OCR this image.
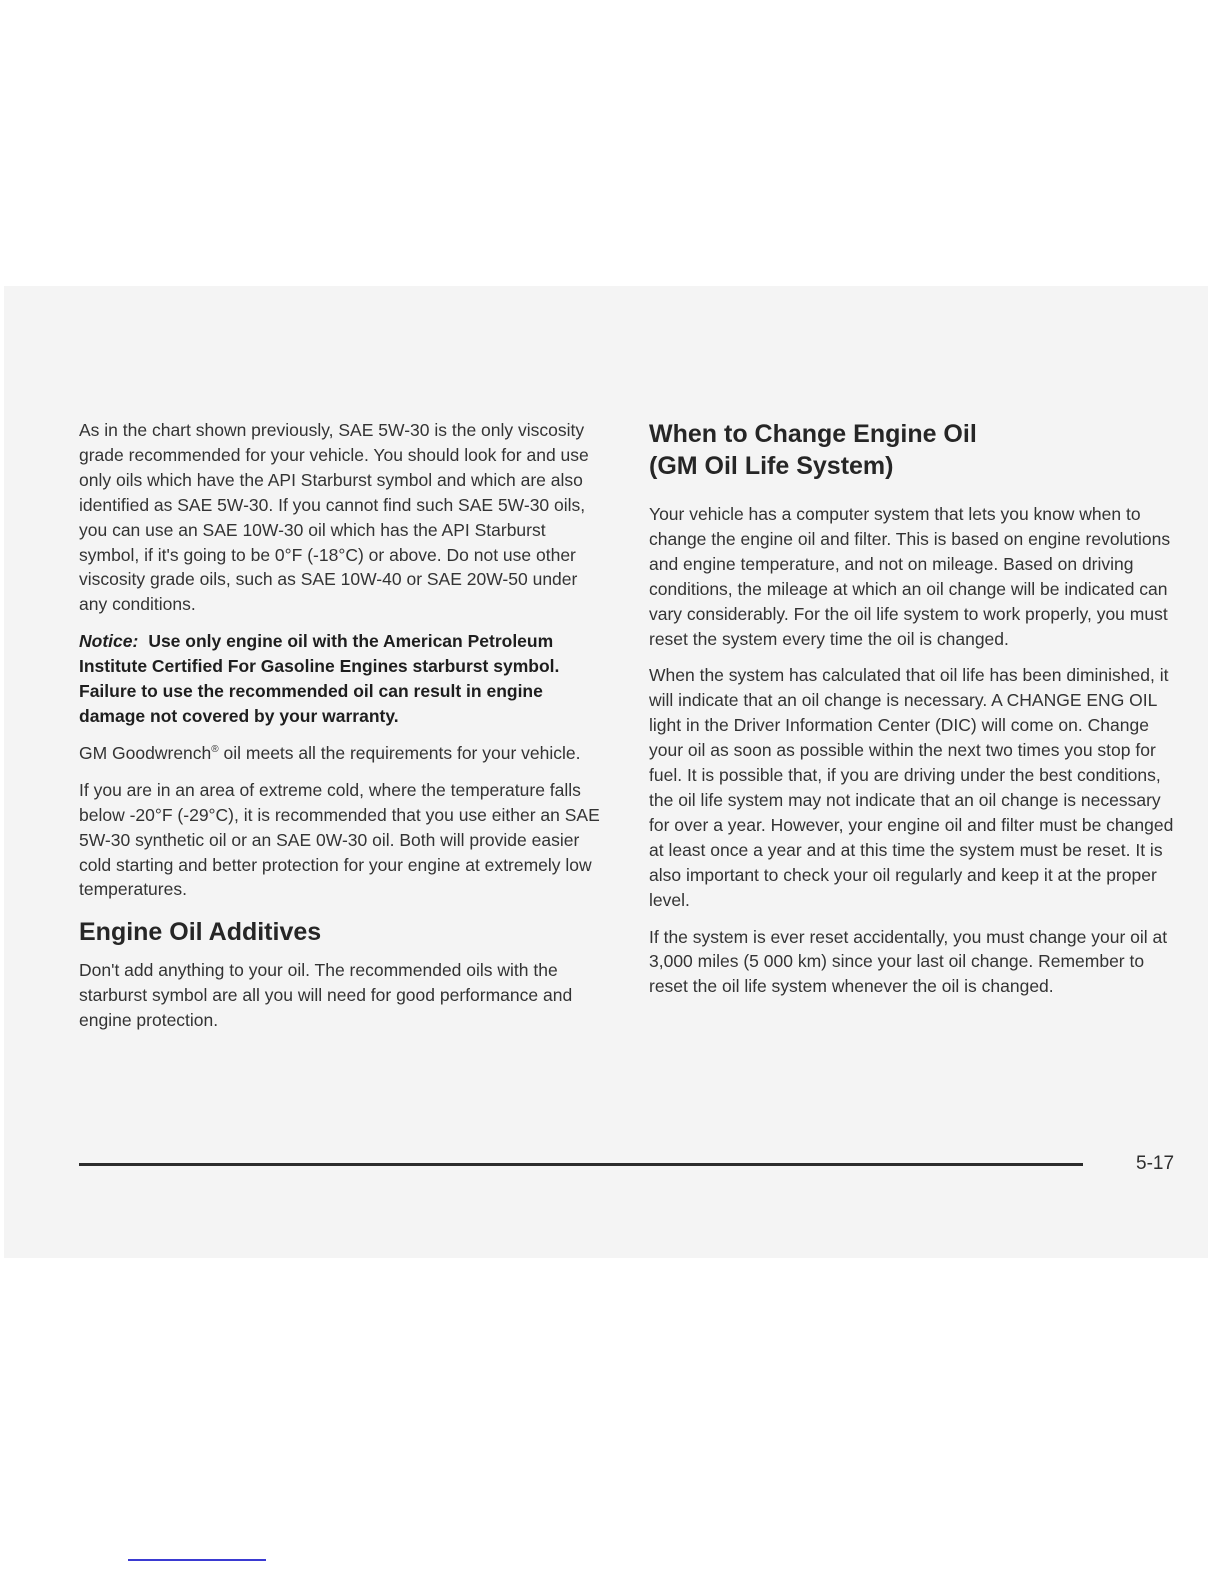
As in the chart shown previously, SAE 5W-30 is the only viscosity grade recommended for your vehicle. You should look for and use only oils which have the API Starburst symbol and which are also identified as SAE 5W-30. If you cannot find such SAE 5W-30 oils, you can use an SAE 10W-30 oil which has the API Starburst symbol, if it's going to be 0°F (-18°C) or above. Do not use other viscosity grade oils, such as SAE 10W-40 or SAE 20W-50 under any conditions.

Notice: Use only engine oil with the American Petroleum Institute Certified For Gasoline Engines starburst symbol. Failure to use the recommended oil can result in engine damage not covered by your warranty.

GM Goodwrench® oil meets all the requirements for your vehicle.

If you are in an area of extreme cold, where the temperature falls below -20°F (-29°C), it is recommended that you use either an SAE 5W-30 synthetic oil or an SAE 0W-30 oil. Both will provide easier cold starting and better protection for your engine at extremely low temperatures.

Engine Oil Additives

Don't add anything to your oil. The recommended oils with the starburst symbol are all you will need for good performance and engine protection.

When to Change Engine Oil
(GM Oil Life System)

Your vehicle has a computer system that lets you know when to change the engine oil and filter. This is based on engine revolutions and engine temperature, and not on mileage. Based on driving conditions, the mileage at which an oil change will be indicated can vary considerably. For the oil life system to work properly, you must reset the system every time the oil is changed.

When the system has calculated that oil life has been diminished, it will indicate that an oil change is necessary. A CHANGE ENG OIL light in the Driver Information Center (DIC) will come on. Change your oil as soon as possible within the next two times you stop for fuel. It is possible that, if you are driving under the best conditions, the oil life system may not indicate that an oil change is necessary for over a year. However, your engine oil and filter must be changed at least once a year and at this time the system must be reset. It is also important to check your oil regularly and keep it at the proper level.

If the system is ever reset accidentally, you must change your oil at 3,000 miles (5 000 km) since your last oil change. Remember to reset the oil life system whenever the oil is changed.

5-17
